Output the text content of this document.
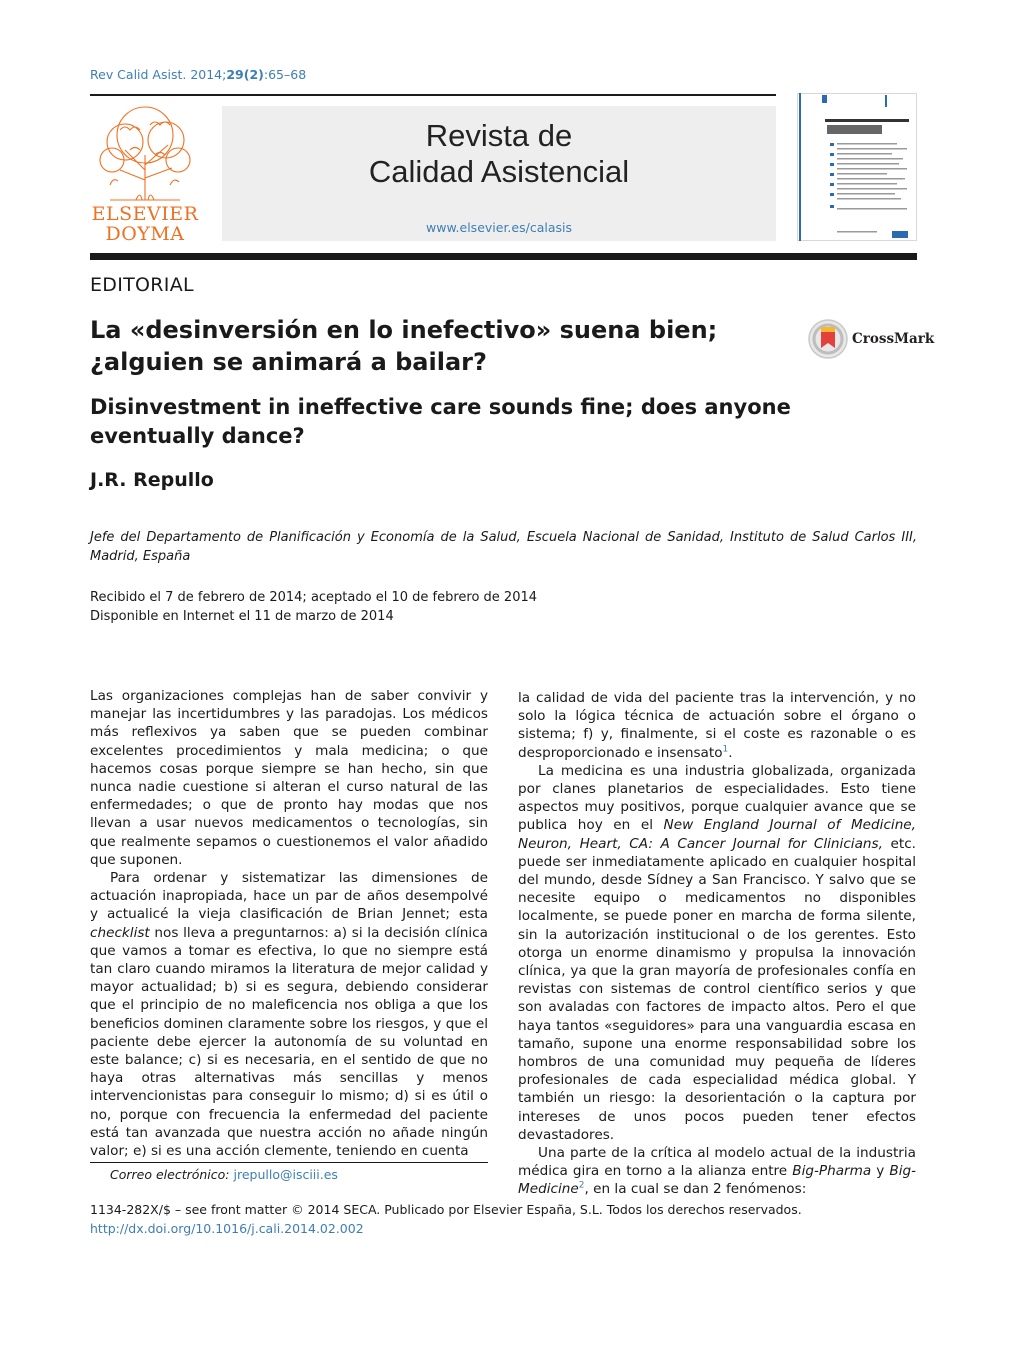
Rev Calid Asist. 2014;29(2):65–68
ELSEVIER
DOYMA
Revista de
Calidad Asistencial
www.elsevier.es/calasis
EDITORIAL
La «desinversión en lo inefectivo» suena bien; ¿alguien se animará a bailar?
CrossMark
Disinvestment in ineffective care sounds fine; does anyone eventually dance?
J.R. Repullo
Jefe del Departamento de Planificación y Economía de la Salud, Escuela Nacional de Sanidad, Instituto de Salud Carlos III, Madrid, España
Recibido el 7 de febrero de 2014; aceptado el 10 de febrero de 2014
Disponible en Internet el 11 de marzo de 2014

Las organizaciones complejas han de saber convivir y manejar las incertidumbres y las paradojas. Los médicos más reflexivos ya saben que se pueden combinar excelentes procedimientos y mala medicina; o que hacemos cosas porque siempre se han hecho, sin que nunca nadie cuestione si alteran el curso natural de las enfermedades; o que de pronto hay modas que nos llevan a usar nuevos medicamentos o tecnologías, sin que realmente sepamos o cuestionemos el valor añadido que suponen.

Para ordenar y sistematizar las dimensiones de actuación inapropiada, hace un par de años desempolvé y actualicé la vieja clasificación de Brian Jennet; esta checklist nos lleva a preguntarnos: a) si la decisión clínica que vamos a tomar es efectiva, lo que no siempre está tan claro cuando miramos la literatura de mejor calidad y mayor actualidad; b) si es segura, debiendo considerar que el principio de no maleficencia nos obliga a que los beneficios dominen claramente sobre los riesgos, y que el paciente debe ejercer la autonomía de su voluntad en este balance; c) si es necesaria, en el sentido de que no haya otras alternativas más sencillas y menos intervencionistas para conseguir lo mismo; d) si es útil o no, porque con frecuencia la enfermedad del paciente está tan avanzada que nuestra acción no añade ningún valor; e) si es una acción clemente, teniendo en cuenta

la calidad de vida del paciente tras la intervención, y no solo la lógica técnica de actuación sobre el órgano o sistema; f) y, finalmente, si el coste es razonable o es desproporcionado e insensato$^1$.

La medicina es una industria globalizada, organizada por clanes planetarios de especialidades. Esto tiene aspectos muy positivos, porque cualquier avance que se publica hoy en el New England Journal of Medicine, Neuron, Heart, CA: A Cancer Journal for Clinicians, etc. puede ser inmediatamente aplicado en cualquier hospital del mundo, desde Sídney a San Francisco. Y salvo que se necesite equipo o medicamentos no disponibles localmente, se puede poner en marcha de forma silente, sin la autorización institucional o de los gerentes. Esto otorga un enorme dinamismo y propulsa la innovación clínica, ya que la gran mayoría de profesionales confía en revistas con sistemas de control científico serios y que son avaladas con factores de impacto altos. Pero el que haya tantos «seguidores» para una vanguardia escasa en tamaño, supone una enorme responsabilidad sobre los hombros de una comunidad muy pequeña de líderes profesionales de cada especialidad médica global. Y también un riesgo: la desorientación o la captura por intereses de unos pocos pueden tener efectos devastadores.

Una parte de la crítica al modelo actual de la industria médica gira en torno a la alianza entre Big-Pharma y Big-Medicine$^2$, en la cual se dan 2 fenómenos:

Correo electrónico: jrepullo@isciii.es
1134-282X/$ – see front matter © 2014 SECA. Publicado por Elsevier España, S.L. Todos los derechos reservados.
http://dx.doi.org/10.1016/j.cali.2014.02.002
